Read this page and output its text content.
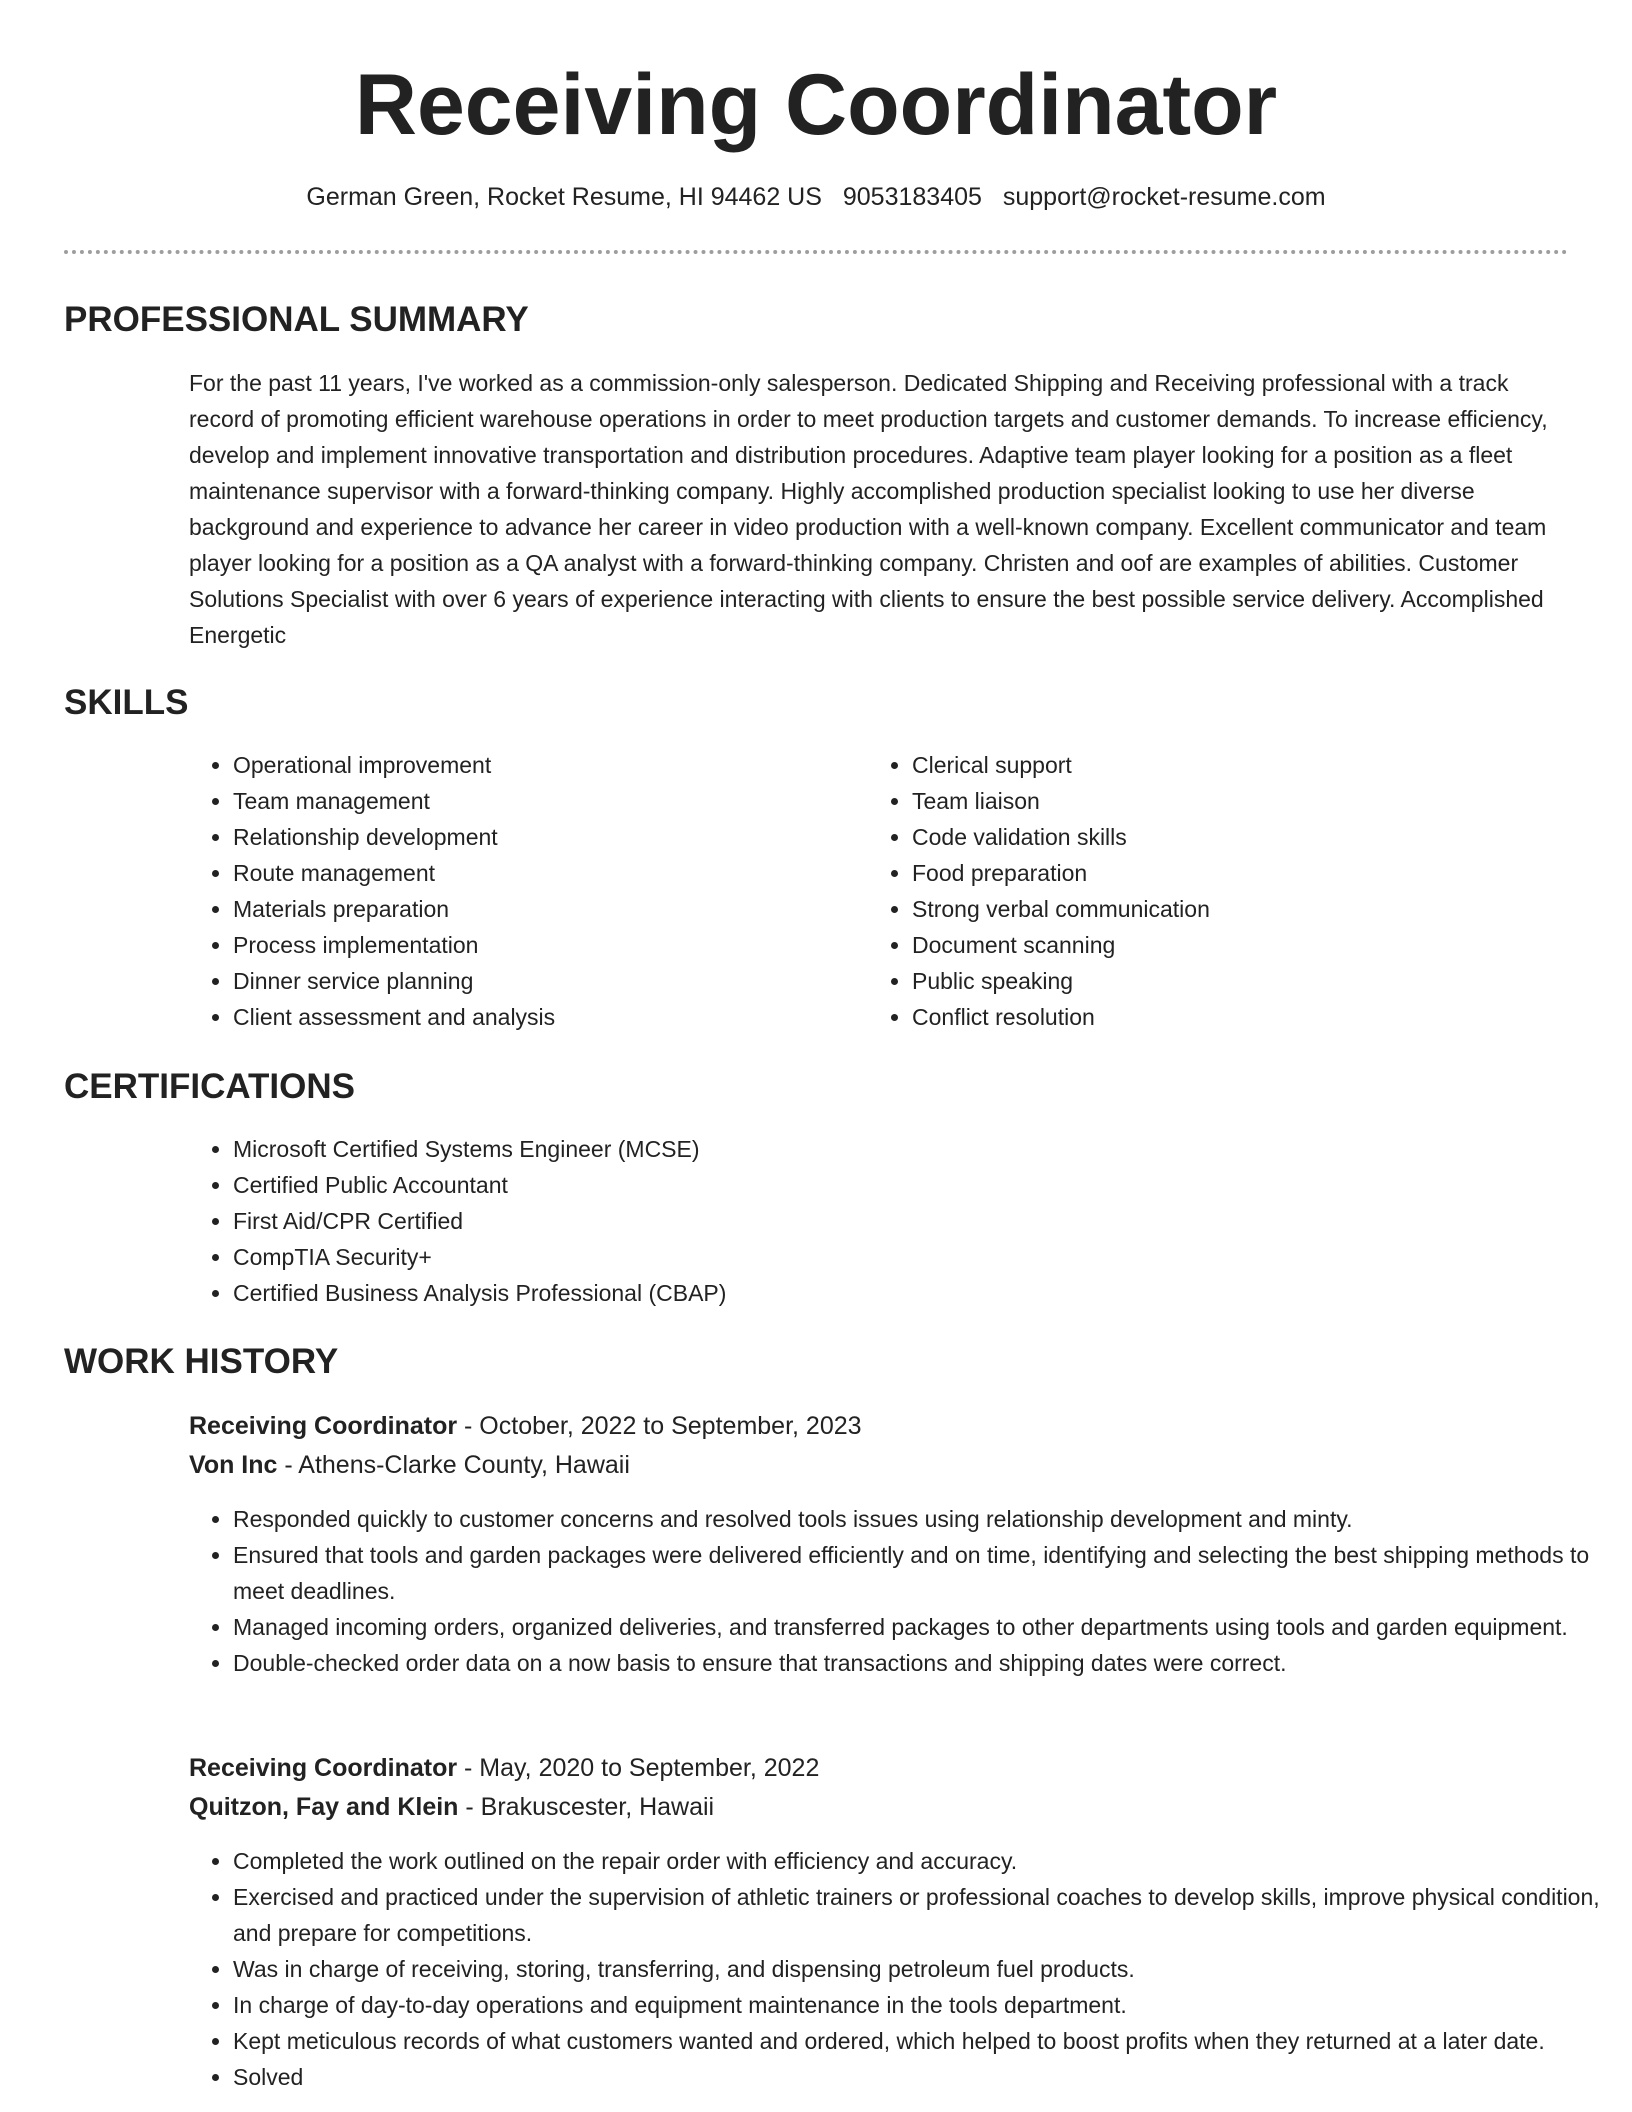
Receiving Coordinator
German Green, Rocket Resume, HI 94462 US 9053183405 support@rocket-resume.com
PROFESSIONAL SUMMARY

For the past 11 years, I've worked as a commission-only salesperson. Dedicated Shipping and Receiving professional with a track record of promoting efficient warehouse operations in order to meet production targets and customer demands. To increase efficiency, develop and implement innovative transportation and distribution procedures. Adaptive team player looking for a position as a fleet maintenance supervisor with a forward-thinking company. Highly accomplished production specialist looking to use her diverse background and experience to advance her career in video production with a well-known company. Excellent communicator and team player looking for a position as a QA analyst with a forward-thinking company. Christen and oof are examples of abilities. Customer Solutions Specialist with over 6 years of experience interacting with clients to ensure the best possible service delivery. Accomplished Energetic

SKILLS
• Operational improvement
• Team management
• Relationship development
• Route management
• Materials preparation
• Process implementation
• Dinner service planning
• Client assessment and analysis
• Clerical support
• Team liaison
• Code validation skills
• Food preparation
• Strong verbal communication
• Document scanning
• Public speaking
• Conflict resolution
CERTIFICATIONS
• Microsoft Certified Systems Engineer (MCSE)
• Certified Public Accountant
• First Aid/CPR Certified
• CompTIA Security+
• Certified Business Analysis Professional (CBAP)
WORK HISTORY
Receiving Coordinator - October, 2022 to September, 2023
Von Inc - Athens-Clarke County, Hawaii
• Responded quickly to customer concerns and resolved tools issues using relationship development and minty.
• Ensured that tools and garden packages were delivered efficiently and on time, identifying and selecting the best shipping methods to meet deadlines.
• Managed incoming orders, organized deliveries, and transferred packages to other departments using tools and garden equipment.
• Double-checked order data on a now basis to ensure that transactions and shipping dates were correct.
Receiving Coordinator - May, 2020 to September, 2022
Quitzon, Fay and Klein - Brakuscester, Hawaii
• Completed the work outlined on the repair order with efficiency and accuracy.
• Exercised and practiced under the supervision of athletic trainers or professional coaches to develop skills, improve physical condition, and prepare for competitions.
• Was in charge of receiving, storing, transferring, and dispensing petroleum fuel products.
• In charge of day-to-day operations and equipment maintenance in the tools department.
• Kept meticulous records of what customers wanted and ordered, which helped to boost profits when they returned at a later date.
• Solved
